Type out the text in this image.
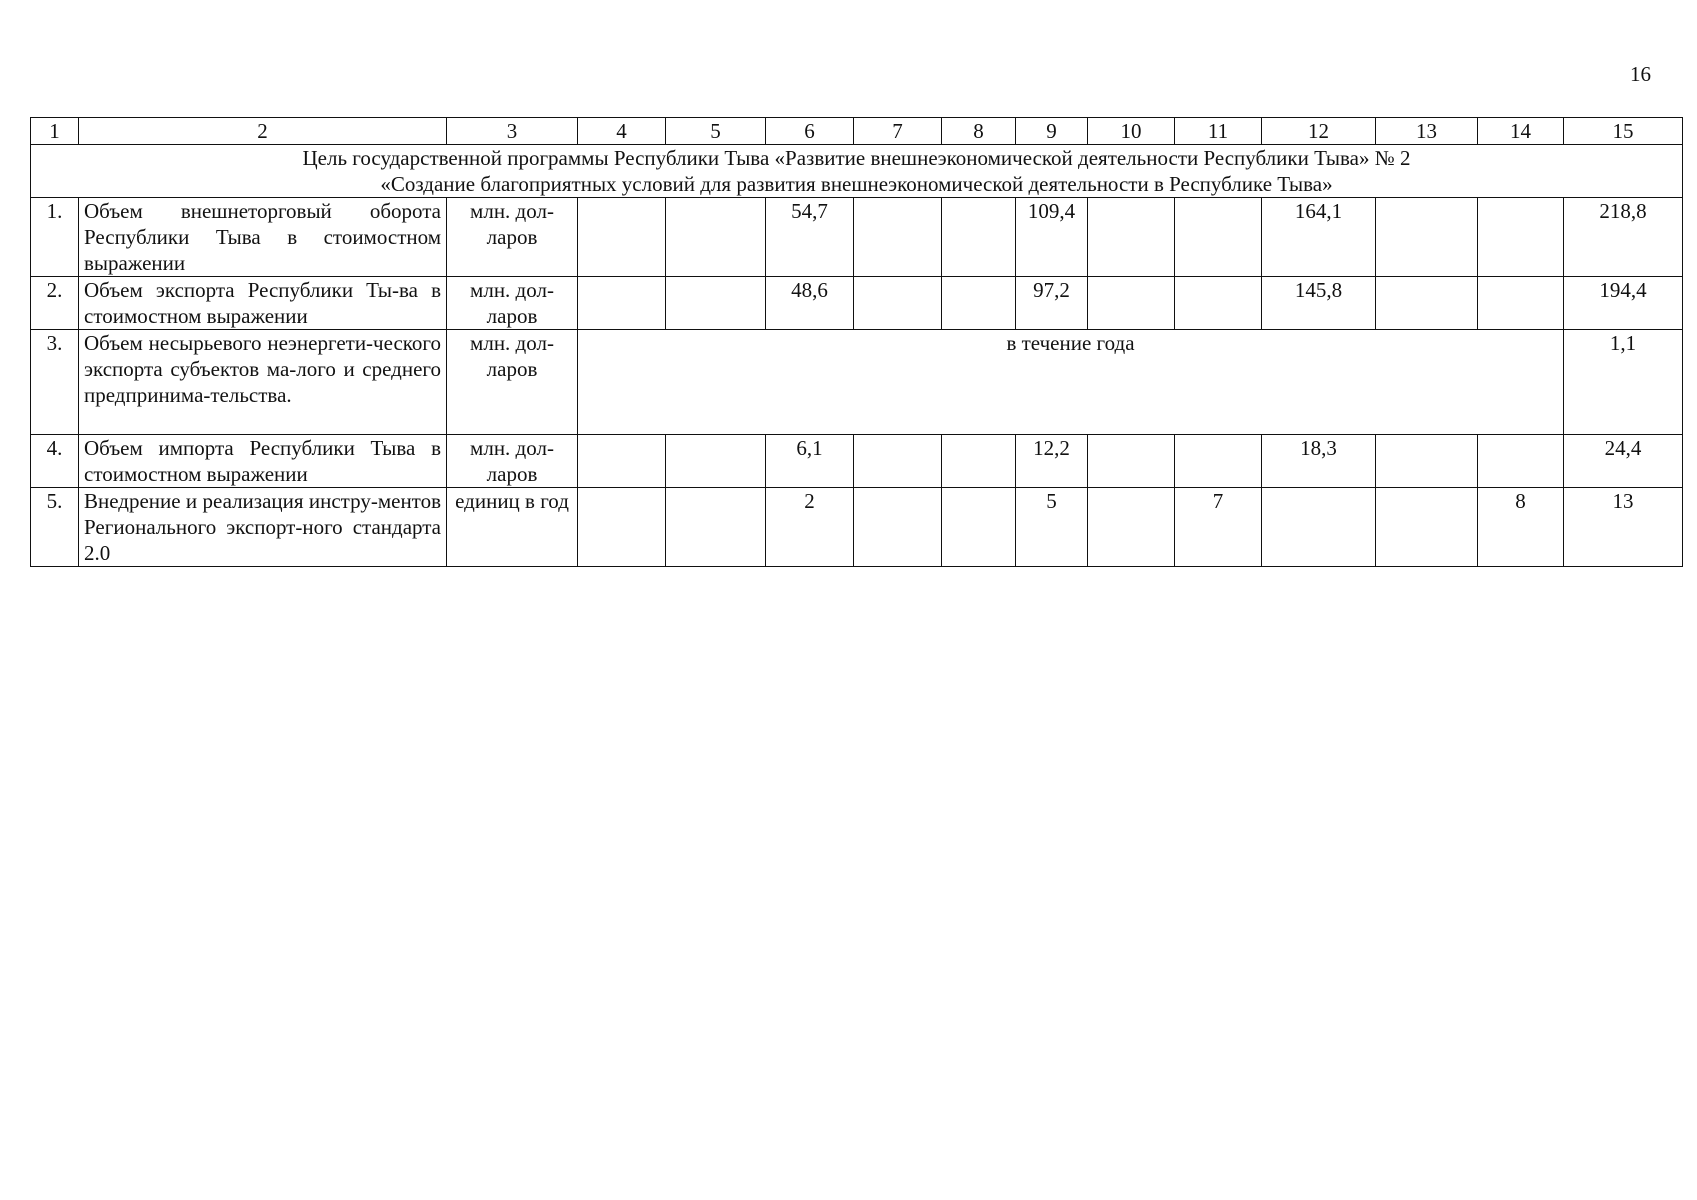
16
1	2	3	4	5	6	7	8	9	10	11	12	13	14	15

Цель государственной программы Республики Тыва «Развитие внешнеэкономической деятельности Республики Тыва» № 2
«Создание благоприятных условий для развития внешнеэкономической деятельности в Республике Тыва»														

1.	Объем внешнеторговый оборота Республики Тыва в стоимостном выражении	млн. дол-ларов			54,7			109,4			164,1			218,8
2.	Объем экспорта Республики Ты-ва в стоимостном выражении	млн. дол-ларов			48,6			97,2			145,8			194,4
3.	Объем несырьевого неэнергети-ческого экспорта субъектов ма-лого и среднего предпринима-тельства.	млн. дол-ларов	в течение года											1,1
4.	Объем импорта Республики Тыва в стоимостном выражении	млн. дол-ларов			6,1			12,2			18,3			24,4
5.	Внедрение и реализация инстру-ментов Регионального экспорт-ного стандарта 2.0	единиц в год			2			5		7			8	13
